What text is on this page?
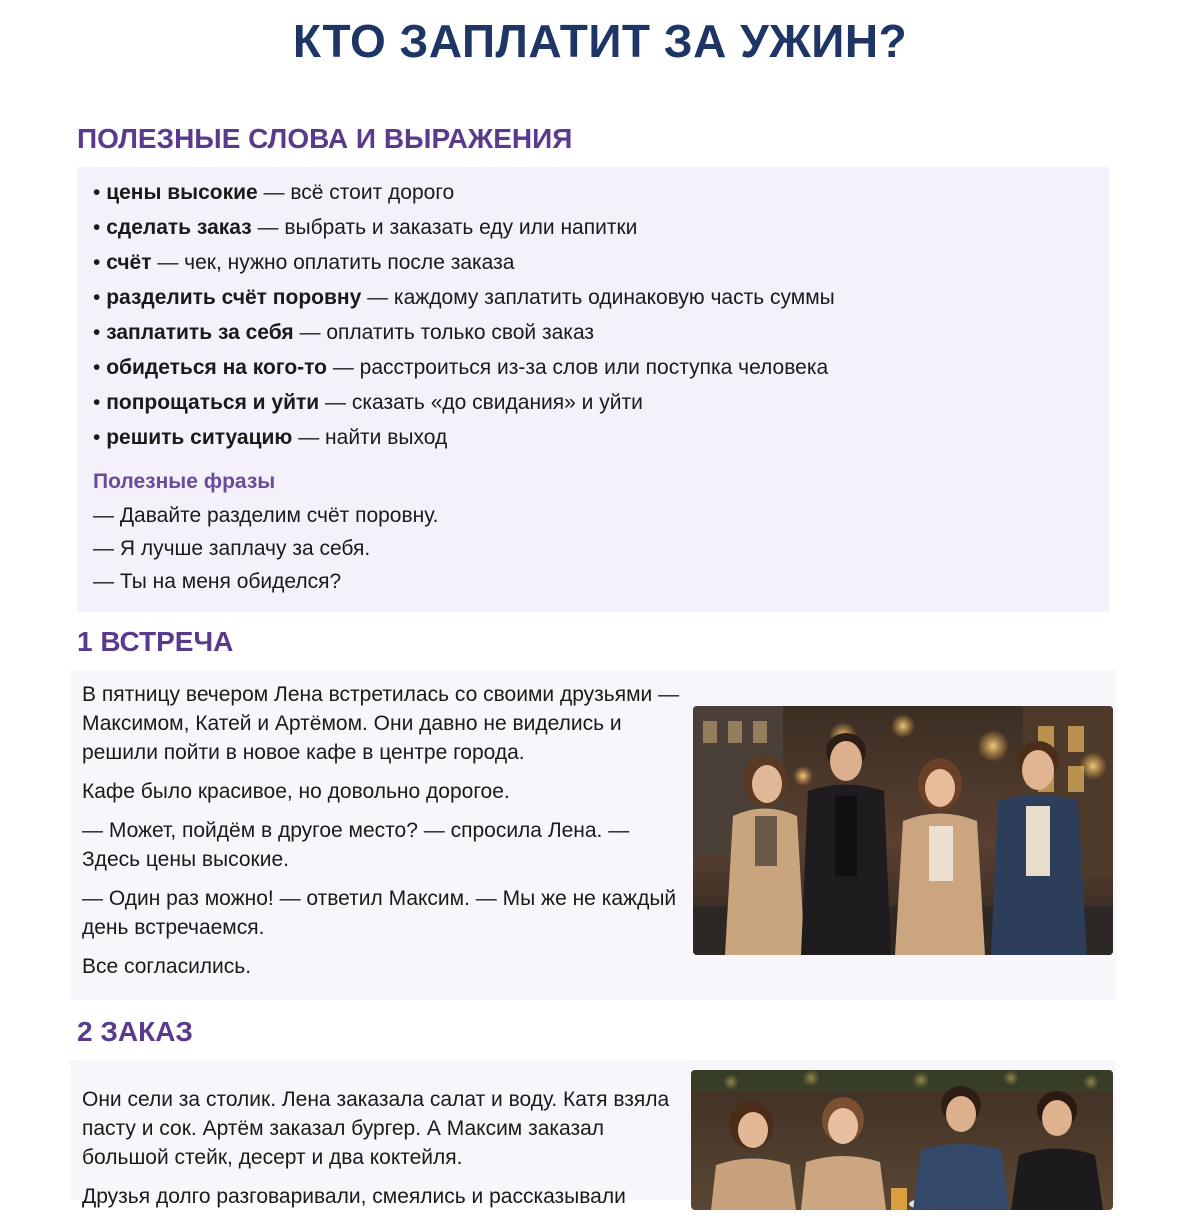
КТО ЗАПЛАТИТ ЗА УЖИН?
ПОЛЕЗНЫЕ СЛОВА И ВЫРАЖЕНИЯ
• цены высокие — всё стоит дорого
• сделать заказ — выбрать и заказать еду или напитки
• счёт — чек, нужно оплатить после заказа
• разделить счёт поровну — каждому заплатить одинаковую часть суммы
• заплатить за себя — оплатить только свой заказ
• обидеться на кого-то — расстроиться из-за слов или поступка человека
• попрощаться и уйти — сказать «до свидания» и уйти
• решить ситуацию — найти выход
Полезные фразы

— Давайте разделим счёт поровну.

— Я лучше заплачу за себя.

— Ты на меня обиделся?

1 ВСТРЕЧА

В пятницу вечером Лена встретилась со своими друзьями — Максимом, Катей и Артёмом. Они давно не виделись и решили пойти в новое кафе в центре города.

Кафе было красивое, но довольно дорогое.

— Может, пойдём в другое место? — спросила Лена. — Здесь цены высокие.

— Один раз можно! — ответил Максим. — Мы же не каждый день встречаемся.

Все согласились.

2 ЗАКАЗ

Они сели за столик. Лена заказала салат и воду. Катя взяла пасту и сок. Артём заказал бургер. А Максим заказал большой стейк, десерт и два коктейля.

Друзья долго разговаривали, смеялись и рассказывали
